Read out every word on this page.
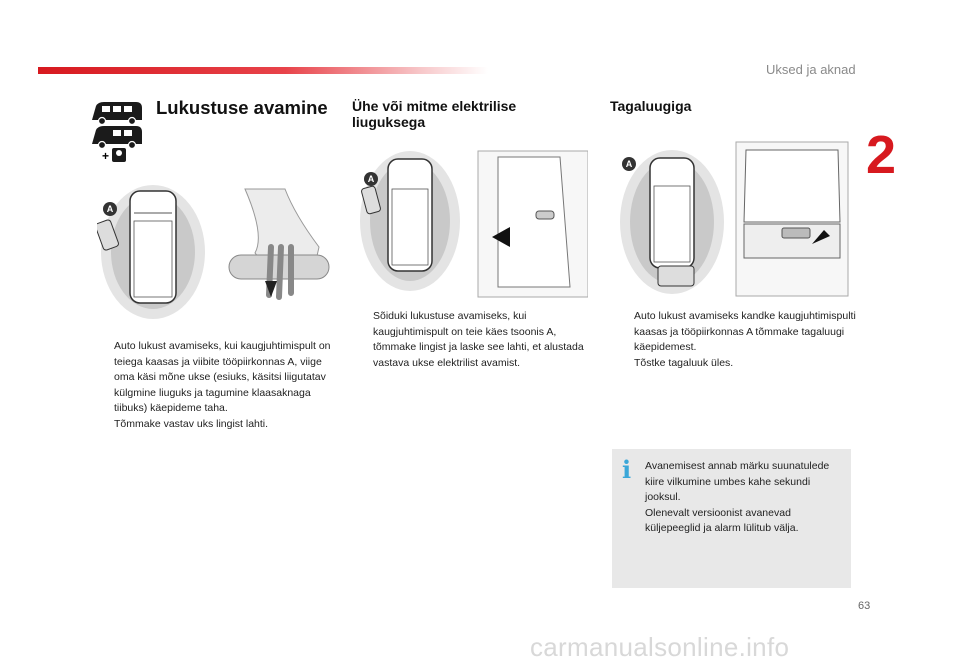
Uksed ja aknad
2
+
Lukustuse avamine Ühe või mitme elektrilise liuguksega
Tagaluugiga
A
A
A
Auto lukust avamiseks, kui kaugjuhtimispult on teiega kaasas ja viibite tööpiirkonnas A, viige oma käsi mõne ukse (esiuks, käsitsi liigutatav külgmine liuguks ja tagumine klaasaknaga tiibuks) käepideme taha.
Tõmmake vastav uks lingist lahti.
Sõiduki lukustuse avamiseks, kui kaugjuhtimispult on teie käes tsoonis A, tõmmake lingist ja laske see lahti, et alustada vastava ukse elektrilist avamist.
Auto lukust avamiseks kandke kaugjuhtimispulti kaasas ja tööpiirkonnas A tõmmake tagaluugi käepidemest.
Tõstke tagaluuk üles.
i Avanemisest annab märku suunatulede kiire vilkumine umbes kahe sekundi jooksul.
Olenevalt versioonist avanevad küljepeeglid ja alarm lülitub välja.
63
carmanualsonline.info
